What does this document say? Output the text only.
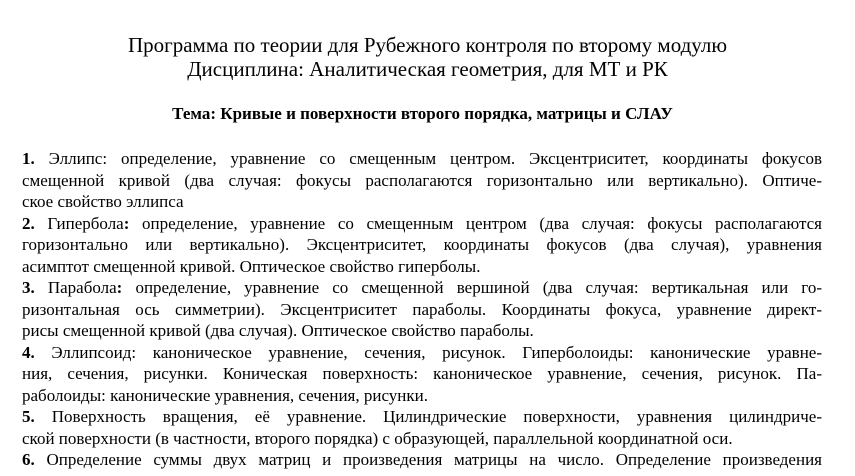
Программа по теории для Рубежного контроля по второму модулю
Дисциплина: Аналитическая геометрия, для МТ и РК
Тема: Кривые и поверхности второго порядка, матрицы и СЛАУ
1. Эллипс: определение, уравнение со смещенным центром. Эксцентриситет, координаты фокусов
смещенной кривой (два случая: фокусы располагаются горизонтально или вертикально). Оптиче-
ское свойство эллипса
2. Гипербола: определение, уравнение со смещенным центром (два случая: фокусы располагаются
горизонтально или вертикально). Эксцентриситет, координаты фокусов (два случая), уравнения
асимптот смещенной кривой. Оптическое свойство гиперболы.
3. Парабола: определение, уравнение со смещенной вершиной (два случая: вертикальная или го-
ризонтальная ось симметрии). Эксцентриситет параболы. Координаты фокуса, уравнение директ-
рисы смещенной кривой (два случая). Оптическое свойство параболы.
4. Эллипсоид: каноническое уравнение, сечения, рисунок. Гиперболоиды: канонические уравне-
ния, сечения, рисунки. Коническая поверхность: каноническое уравнение, сечения, рисунок. Па-
раболоиды: канонические уравнения, сечения, рисунки.
5. Поверхность вращения, её уравнение. Цилиндрические поверхности, уравнения цилиндриче-
ской поверхности (в частности, второго порядка) с образующей, параллельной координатной оси.
6. Определение суммы двух матриц и произведения матрицы на число. Определение произведения
